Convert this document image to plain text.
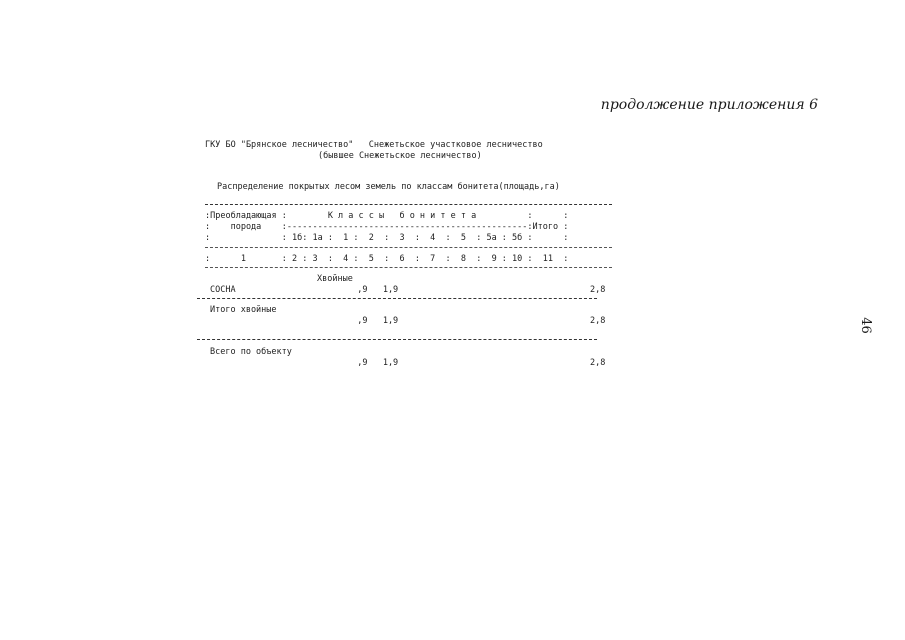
продолжение приложения 6
46
ГКУ БО "Брянское лесничество"   Снежетьское участковое лесничество
(бывшее Снежетьское лесничество)
Распределение покрытых лесом земель по классам бонитета(площадь,га)
:Преобладающая :        К л а с с ы   б о н и т е т а          :      :
:    порода    :-----------------------------------------------:Итого :
:              : 1б: 1а :  1 :  2  :  3  :  4  :  5  : 5а : 5б :      :
:      1       : 2 : 3  :  4 :  5  :  6  :  7  :  8  :  9 : 10 :  11  :
Хвойные
СОСНА	,9   1,9	2,8
Итого хвойные
,9   1,9	2,8
Всего по объекту
,9   1,9	2,8
